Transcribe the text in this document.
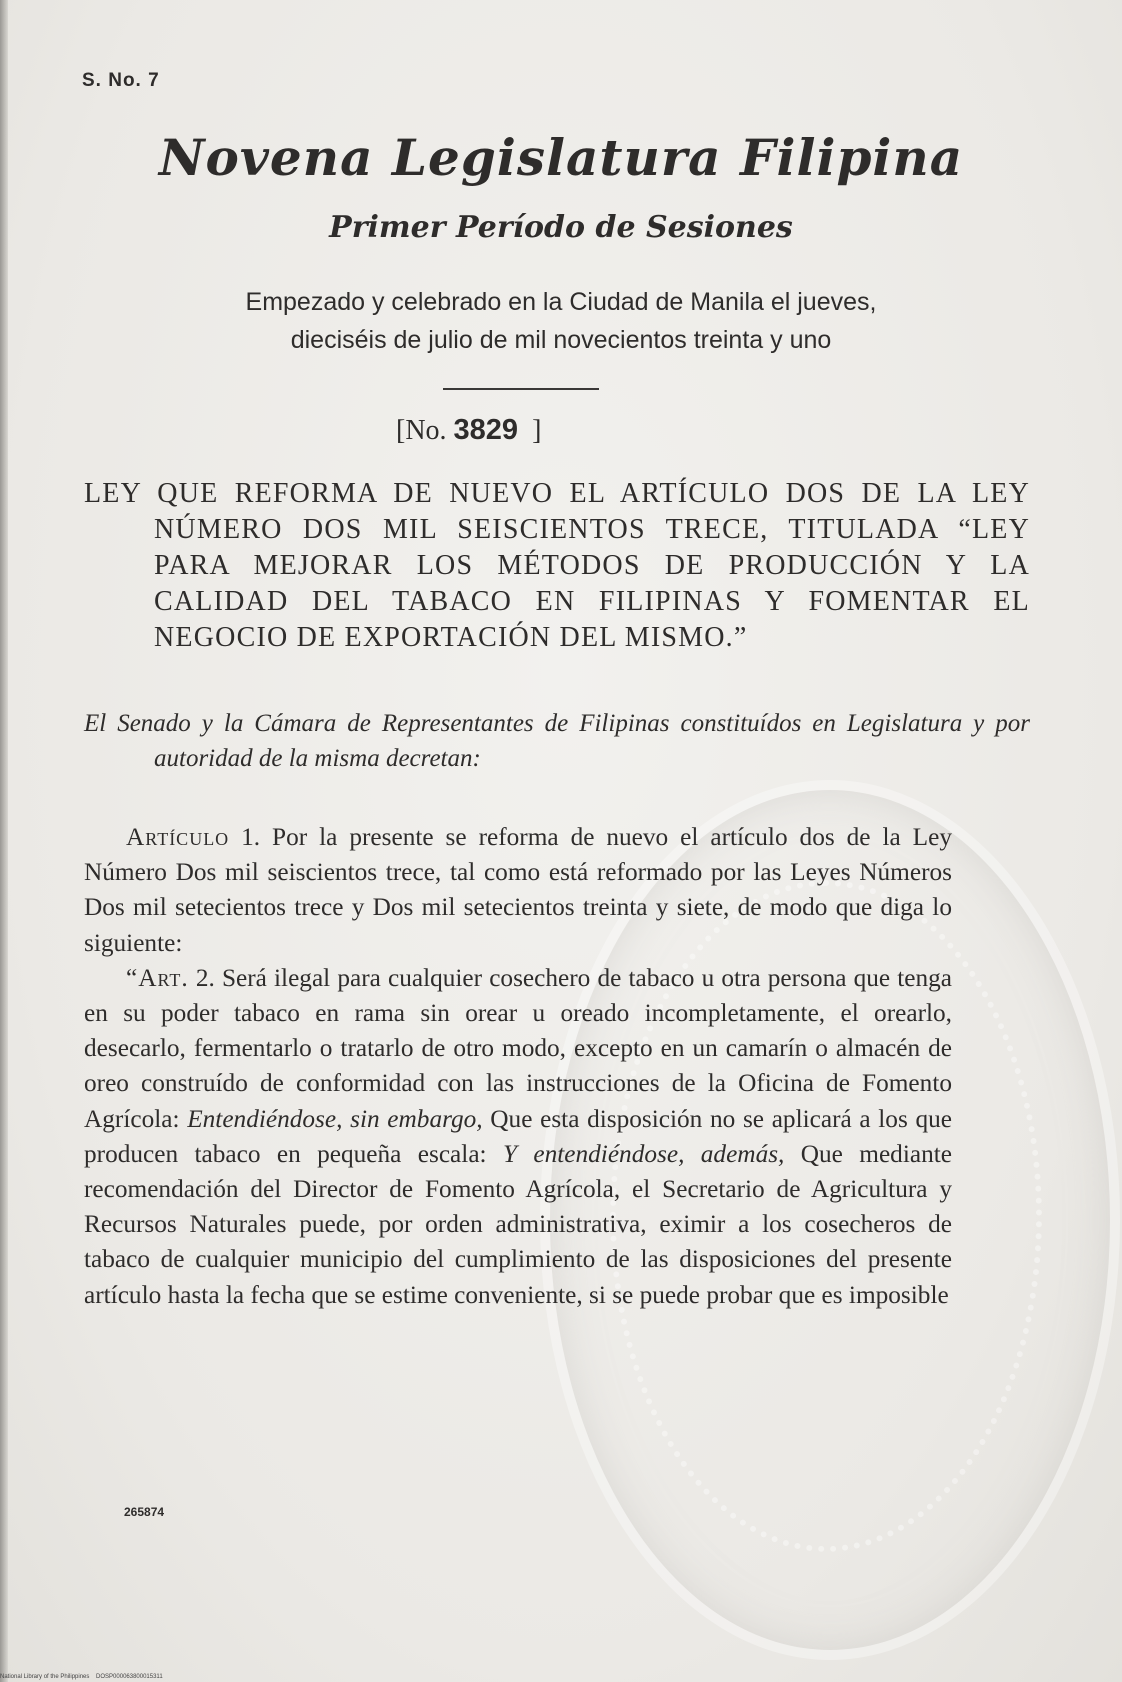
S. No. 7
Novena Legislatura Filipina
Primer Período de Sesiones
Empezado y celebrado en la Ciudad de Manila el jueves,
dieciséis de julio de mil novecientos treinta y uno
[No. 3829  ]

LEY QUE REFORMA DE NUEVO EL ARTÍCULO DOS DE LA LEY NÚMERO DOS MIL SEISCIENTOS TRECE, TITULADA “LEY PARA MEJORAR LOS MÉTODOS DE PRODUCCIÓN Y LA CALIDAD DEL TABACO EN FILIPINAS Y FOMENTAR EL NEGOCIO DE EXPORTACIÓN DEL MISMO.”

El Senado y la Cámara de Representantes de Filipinas constituídos en Legislatura y por autoridad de la misma decretan:

Artículo 1. Por la presente se reforma de nuevo el artículo dos de la Ley Número Dos mil seiscientos trece, tal como está reformado por las Leyes Números Dos mil setecientos trece y Dos mil setecientos treinta y siete, de modo que diga lo siguiente:

“Art. 2. Será ilegal para cualquier cosechero de tabaco u otra persona que tenga en su poder tabaco en rama sin orear u oreado incompletamente, el orearlo, desecarlo, fermentarlo o tratarlo de otro modo, excepto en un camarín o almacén de oreo construído de conformidad con las instrucciones de la Oficina de Fomento Agrícola: Entendiéndose, sin embargo, Que esta disposición no se aplicará a los que producen tabaco en pequeña escala: Y entendiéndose, además, Que mediante recomendación del Director de Fomento Agrícola, el Secretario de Agricultura y Recursos Naturales puede, por orden administrativa, eximir a los cosecheros de tabaco de cualquier municipio del cumplimiento de las disposiciones del presente artículo hasta la fecha que se estime conveniente, si se puede probar que es imposible

265874
National Library of the Philippines    DOSP000063800015311
